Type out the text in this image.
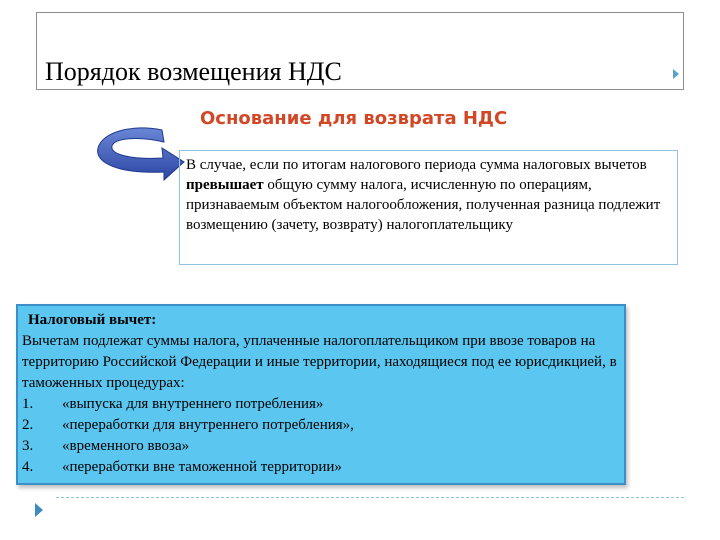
Порядок возмещения НДС
Основание для возврата НДС
В случае, если по итогам налогового периода сумма налоговых вычетов превышает общую сумму налога, исчисленную по операциям, признаваемым объектом налогообложения, полученная разница подлежит возмещению (зачету, возврату) налогоплательщику
Налоговый вычет:
Вычетам подлежат суммы налога, уплаченные налогоплательщиком при ввозе товаров на территорию Российской Федерации и иные территории, находящиеся под ее юрисдикцией, в таможенных процедурах:
1.	«выпуска для внутреннего потребления»
2.	«переработки для внутреннего потребления»,
3.	«временного ввоза»
4.	«переработки вне таможенной территории»
